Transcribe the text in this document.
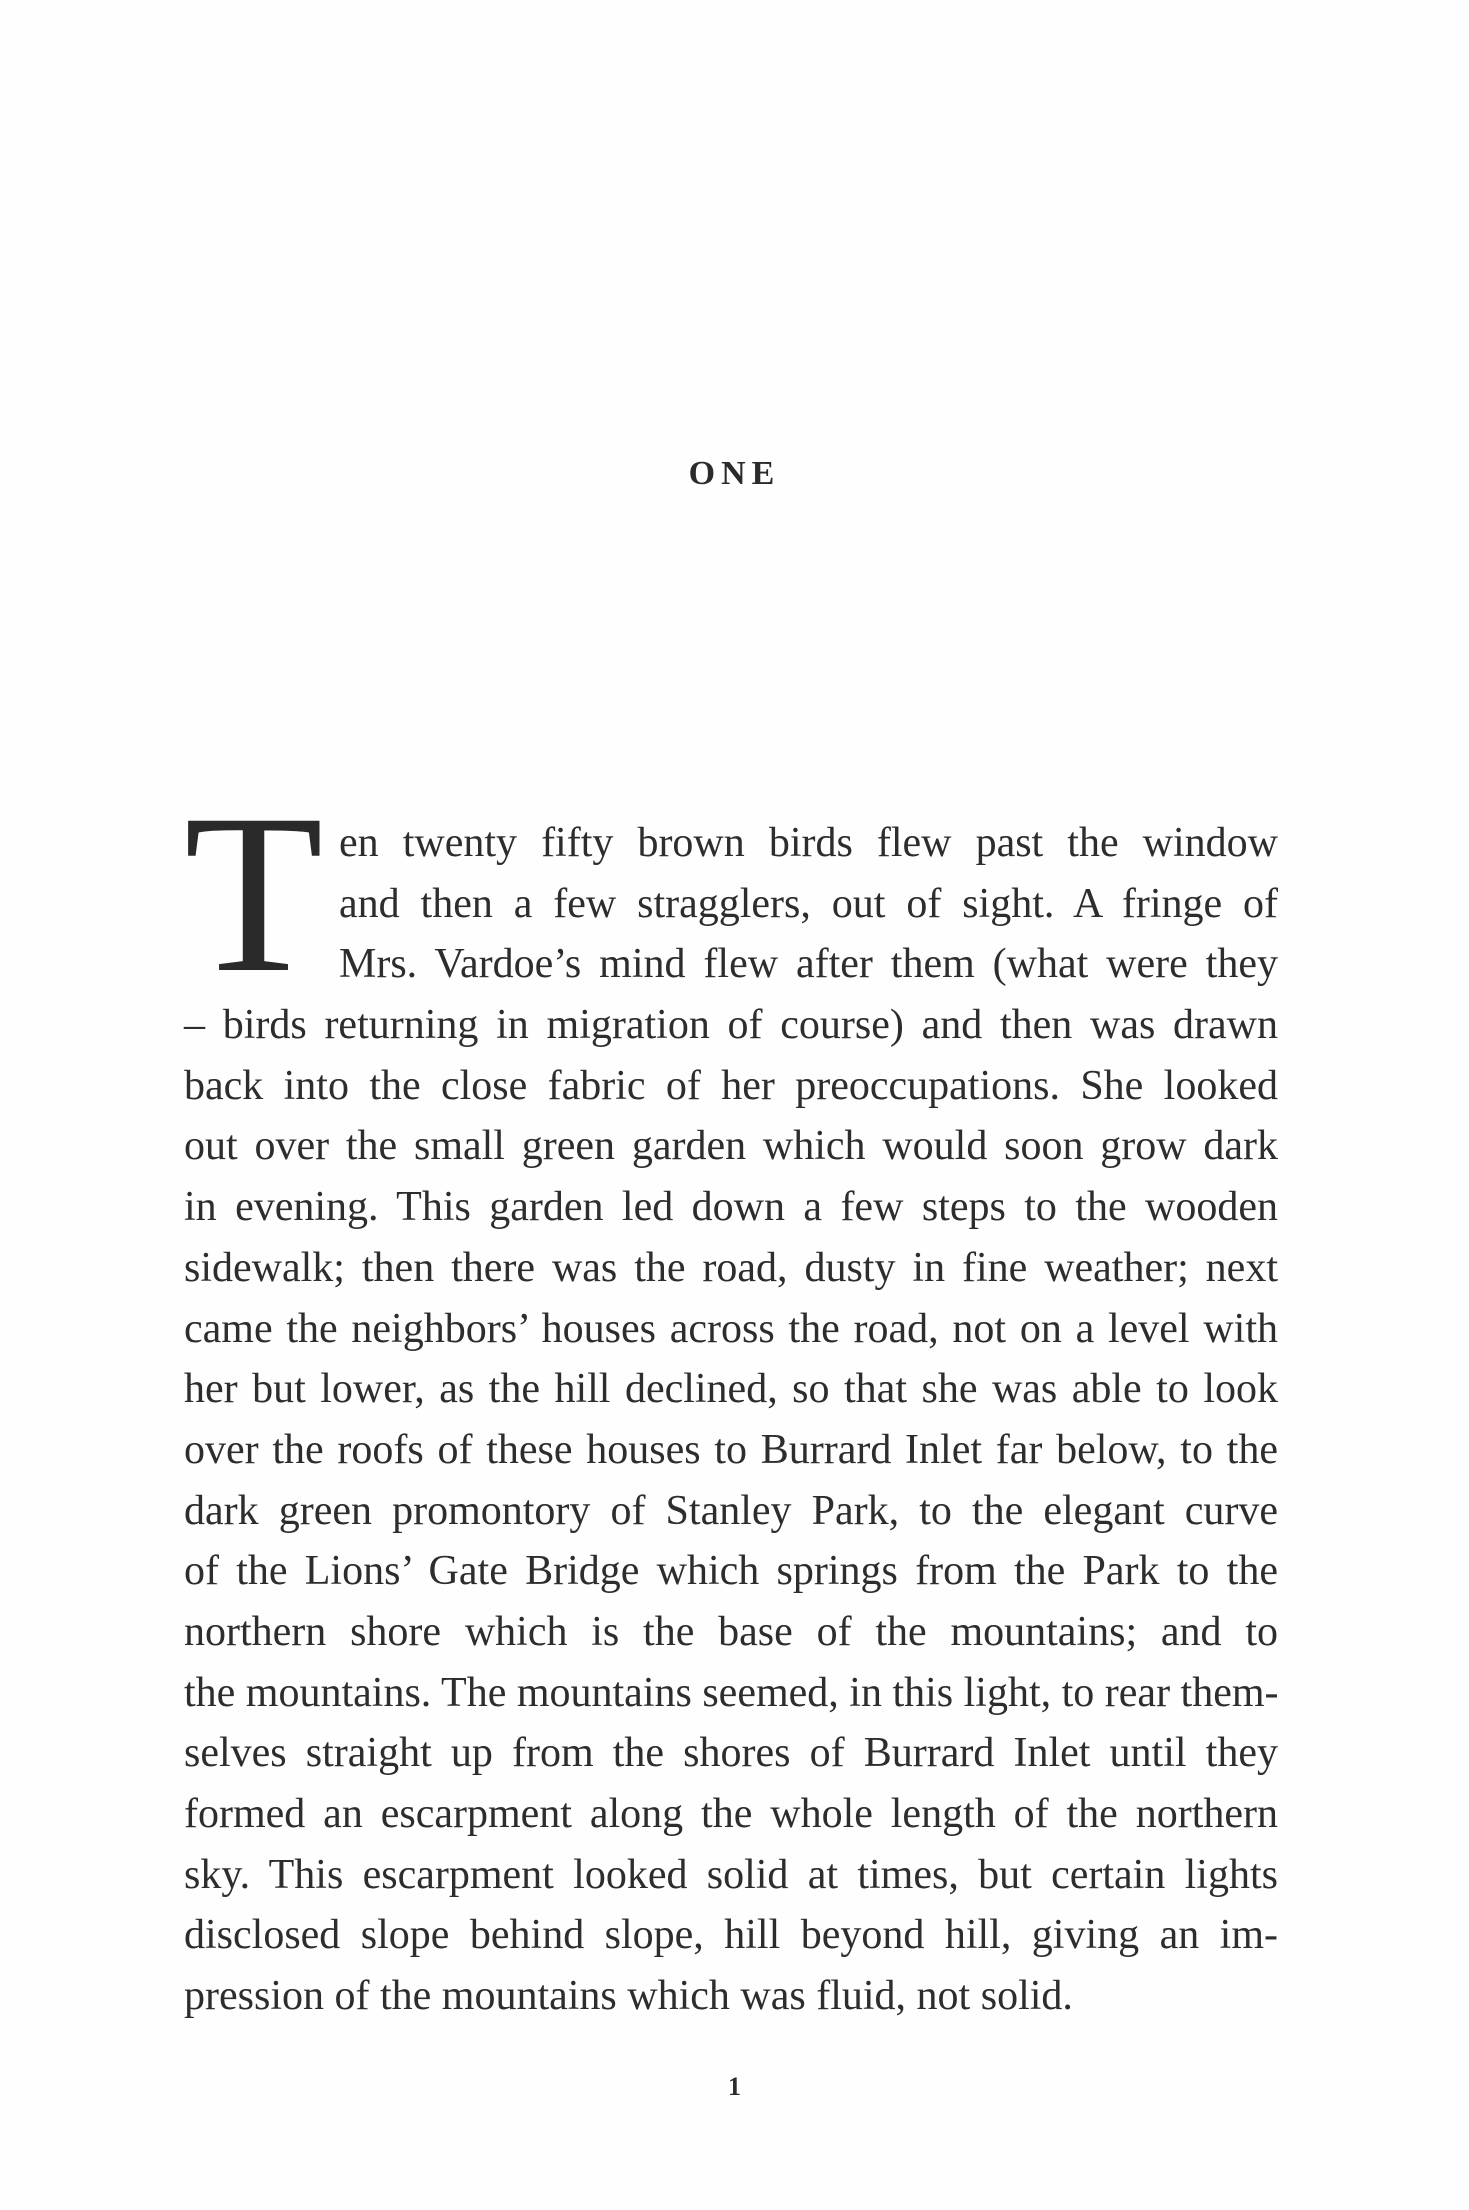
ONE
T en twenty fifty brown birds flew past the window
and then a few stragglers, out of sight. A fringe of
Mrs. Vardoe’s mind flew after them (what were they
– birds returning in migration of course) and then was drawn
back into the close fabric of her preoccupations. She looked
out over the small green garden which would soon grow dark
in evening. This garden led down a few steps to the wooden
sidewalk; then there was the road, dusty in fine weather; next
came the neighbors’ houses across the road, not on a level with
her but lower, as the hill declined, so that she was able to look
over the roofs of these houses to Burrard Inlet far below, to the
dark green promontory of Stanley Park, to the elegant curve
of the Lions’ Gate Bridge which springs from the Park to the
northern shore which is the base of the mountains; and to
the mountains. The mountains seemed, in this light, to rear them-
selves straight up from the shores of Burrard Inlet until they
formed an escarpment along the whole length of the northern
sky. This escarpment looked solid at times, but certain lights
disclosed slope behind slope, hill beyond hill, giving an im-
pression of the mountains which was fluid, not solid.
1
